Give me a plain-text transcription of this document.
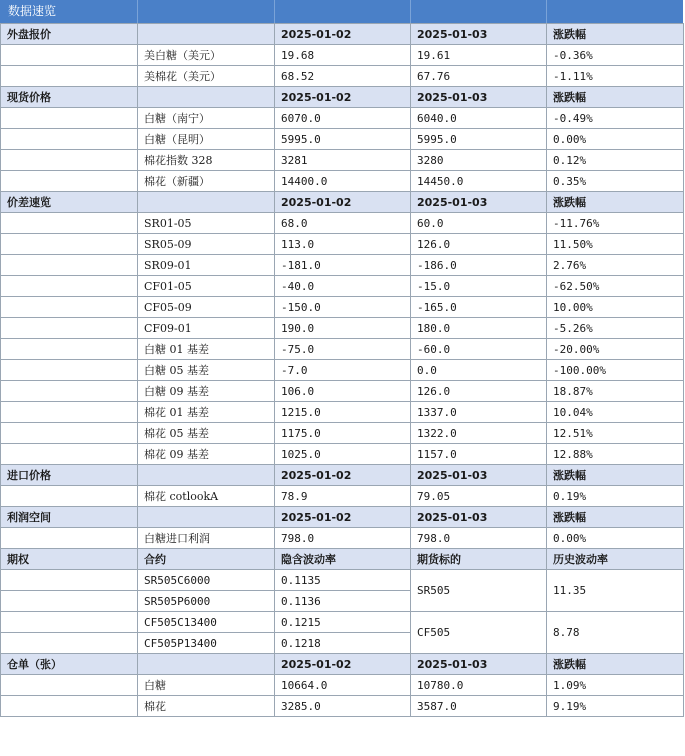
数据速览
外盘报价		2025-01-02	2025-01-03	涨跌幅
	美白糖（美元）	19.68	19.61	-0.36%
	美棉花（美元）	68.52	67.76	-1.11%
现货价格		2025-01-02	2025-01-03	涨跌幅
	白糖（南宁）	6070.0	6040.0	-0.49%
	白糖（昆明）	5995.0	5995.0	0.00%
	棉花指数 328	3281	3280	0.12%
	棉花（新疆）	14400.0	14450.0	0.35%
价差速览		2025-01-02	2025-01-03	涨跌幅
	SR01-05	68.0	60.0	-11.76%
	SR05-09	113.0	126.0	11.50%
	SR09-01	-181.0	-186.0	2.76%
	CF01-05	-40.0	-15.0	-62.50%
	CF05-09	-150.0	-165.0	10.00%
	CF09-01	190.0	180.0	-5.26%
	白糖 01 基差	-75.0	-60.0	-20.00%
	白糖 05 基差	-7.0	0.0	-100.00%
	白糖 09 基差	106.0	126.0	18.87%
	棉花 01 基差	1215.0	1337.0	10.04%
	棉花 05 基差	1175.0	1322.0	12.51%
	棉花 09 基差	1025.0	1157.0	12.88%
进口价格		2025-01-02	2025-01-03	涨跌幅
	棉花 cotlookA	78.9	79.05	0.19%
利润空间		2025-01-02	2025-01-03	涨跌幅
	白糖进口利润	798.0	798.0	0.00%
期权	合约	隐含波动率	期货标的	历史波动率
	SR505C6000	0.1135	SR505	11.35
	SR505P6000	0.1136		
	CF505C13400	0.1215	CF505	8.78
	CF505P13400	0.1218		
仓单（张）		2025-01-02	2025-01-03	涨跌幅
	白糖	10664.0	10780.0	1.09%
	棉花	3285.0	3587.0	9.19%
